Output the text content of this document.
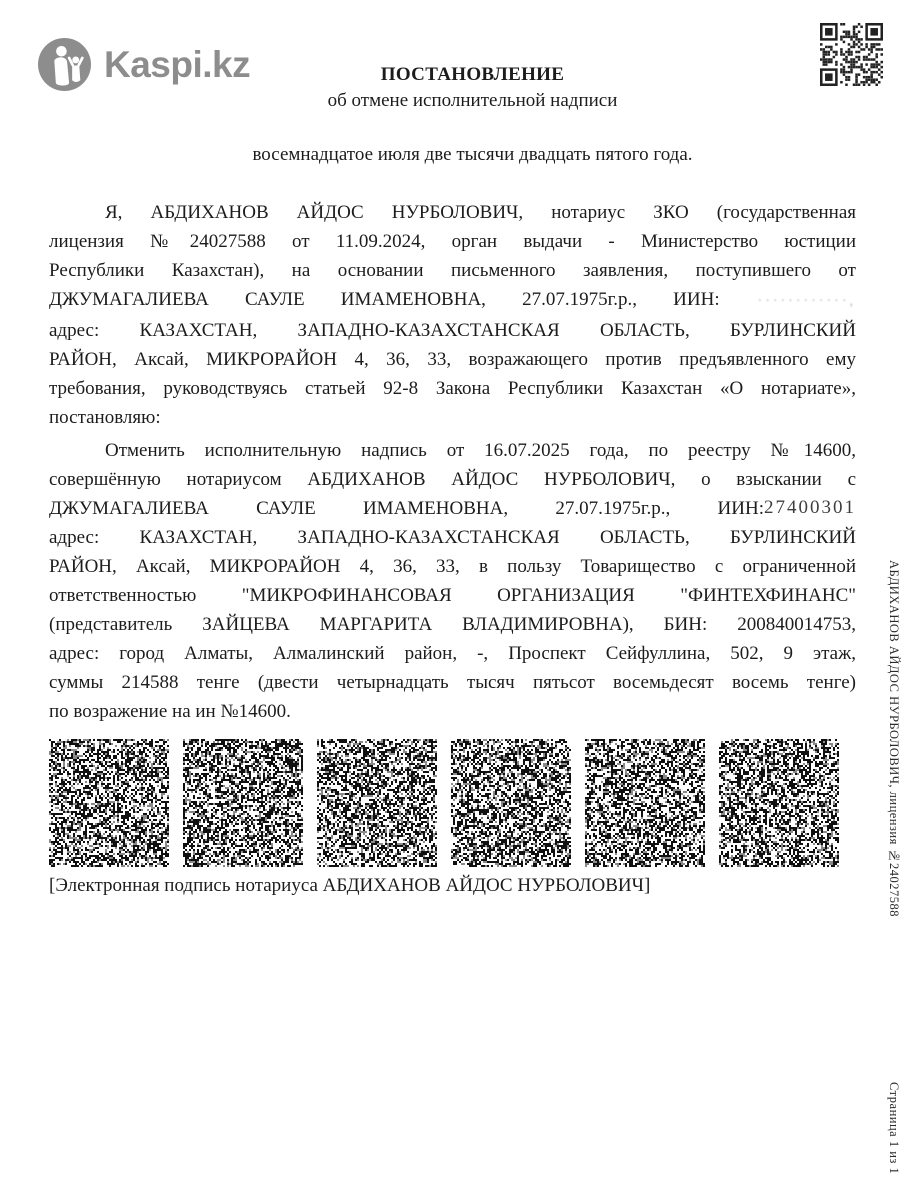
Kaspi.kz	ПОСТАНОВЛЕНИЕ
об отмене исполнительной надписи
восемнадцатое июля две тысячи двадцать пятого года.
Я, АБДИХАНОВ АЙДОС НУРБОЛОВИЧ, нотариус ЗКО (государственная
лицензия №24027588 от 11.09.2024, орган выдачи - Министерство юстиции
Республики Казахстан), на основании письменного заявления, поступившего от
ДЖУМАГАЛИЕВА САУЛЕ ИМАМЕНОВНА, 27.07.1975г.р., ИИН: ············,
адрес: КАЗАХСТАН, ЗАПАДНО-КАЗАХСТАНСКАЯ ОБЛАСТЬ, БУРЛИНСКИЙ
РАЙОН, Аксай, МИКРОРАЙОН 4, 36, 33, возражающего против предъявленного ему
требования, руководствуясь статьей 92-8 Закона Республики Казахстан «О нотариате»,
постановляю:
Отменить исполнительную надпись от 16.07.2025 года, по реестру №14600,
совершённую нотариусом АБДИХАНОВ АЙДОС НУРБОЛОВИЧ, о взыскании с
ДЖУМАГАЛИЕВА САУЛЕ ИМАМЕНОВНА, 27.07.1975г.р., ИИН:27400301
адрес: КАЗАХСТАН, ЗАПАДНО-КАЗАХСТАНСКАЯ ОБЛАСТЬ, БУРЛИНСКИЙ
РАЙОН, Аксай, МИКРОРАЙОН 4, 36, 33, в пользу Товарищество с ограниченной
ответственностью "МИКРОФИНАНСОВАЯ ОРГАНИЗАЦИЯ "ФИНТЕХФИНАНС"
(представитель ЗАЙЦЕВА МАРГАРИТА ВЛАДИМИРОВНА), БИН: 200840014753,
адрес: город Алматы, Алмалинский район, -, Проспект Сейфуллина, 502, 9 этаж,
суммы 214588 тенге (двести четырнадцать тысяч пятьсот восемьдесят восемь тенге)
по возражение на ин №14600.
[Электронная подпись нотариуса АБДИХАНОВ АЙДОС НУРБОЛОВИЧ]	АБДИХАНОВ АЙДОС НУРБОЛОВИЧ, лицензия №24027588
Страница 1 из 1
